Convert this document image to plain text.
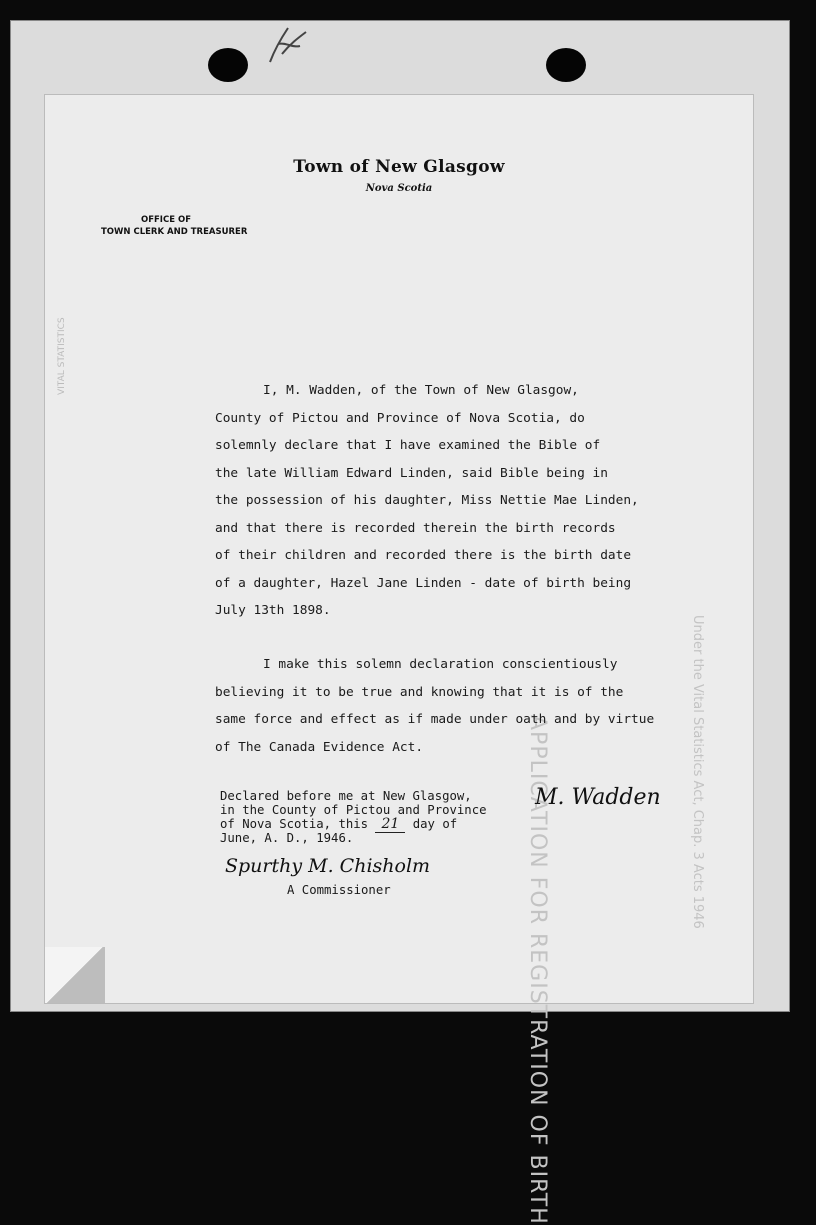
APPLICATION FOR REGISTRATION OF BIRTH	Under the Vital Statistics Act, Chap. 3 Acts 1946
VITAL STATISTICS
Town of New Glasgow
Nova Scotia
OFFICE OF
TOWN CLERK AND TREASURER
I, M. Wadden, of the Town of New Glasgow,
County of Pictou and Province of Nova Scotia, do
solemnly declare that I have examined the Bible of
the late William Edward Linden, said Bible being in
the possession of his daughter, Miss Nettie Mae Linden,
and that there is recorded therein the birth records
of their children and recorded there is the birth date
of a daughter, Hazel Jane Linden - date of birth being
July 13th 1898.
I make this solemn declaration conscientiously
believing it to be true and knowing that it is of the
same force and effect as if made under oath and by virtue
of The Canada Evidence Act.
Declared before me at New Glasgow,
in the County of Pictou and Province
of Nova Scotia, this 21 day of
June, A. D., 1946.
M. Wadden
Spurthy M. Chisholm
A Commissioner
